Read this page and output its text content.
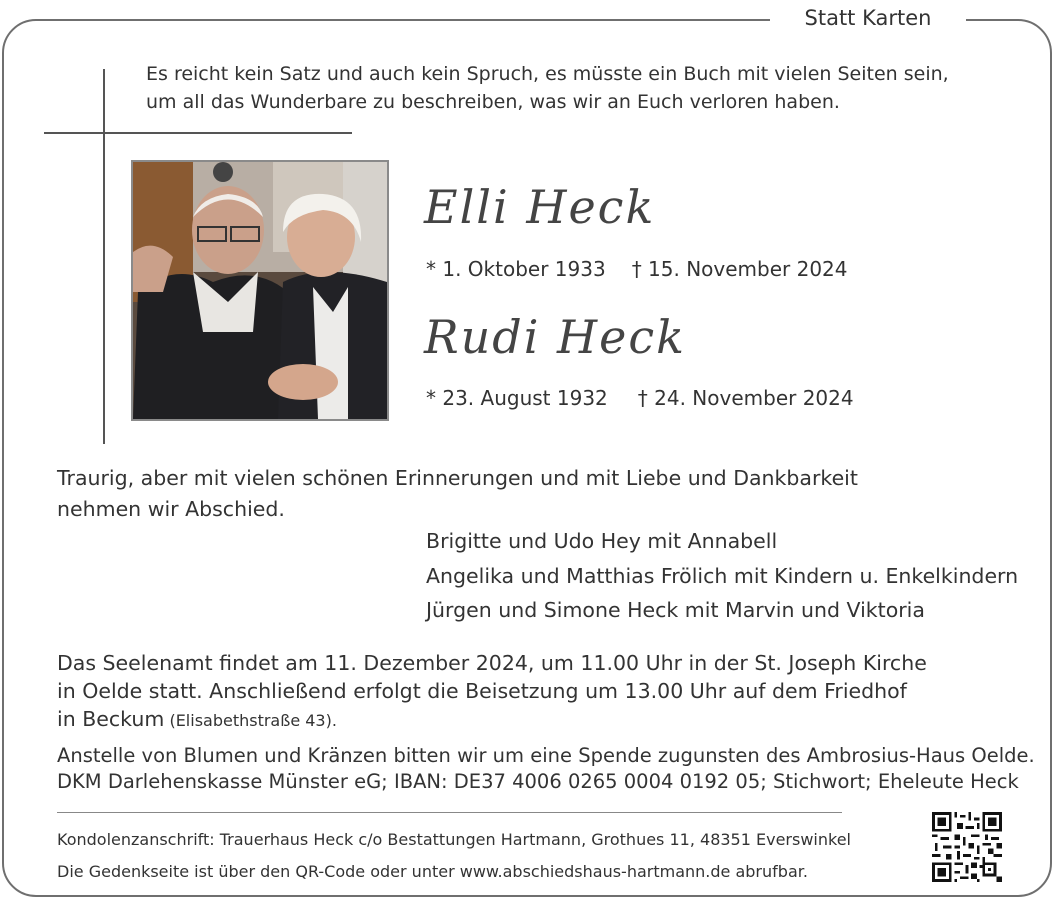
Statt Karten
Es reicht kein Satz und auch kein Spruch, es müsste ein Buch mit vielen Seiten sein,
um all das Wunderbare zu beschreiben, was wir an Euch verloren haben.
Elli Heck
* 1. Oktober 1933 † 15. November 2024
Rudi Heck
* 23. August 1932 † 24. November 2024
Traurig, aber mit vielen schönen Erinnerungen und mit Liebe und Dankbarkeit
nehmen wir Abschied.
Brigitte und Udo Hey mit Annabell
Angelika und Matthias Frölich mit Kindern u. Enkelkindern
Jürgen und Simone Heck mit Marvin und Viktoria
Das Seelenamt findet am 11. Dezember 2024, um 11.00 Uhr in der St. Joseph Kirche
in Oelde statt. Anschließend erfolgt die Beisetzung um 13.00 Uhr auf dem Friedhof
in Beckum (Elisabethstraße 43).
Anstelle von Blumen und Kränzen bitten wir um eine Spende zugunsten des Ambrosius-Haus Oelde.
DKM Darlehenskasse Münster eG; IBAN: DE37 4006 0265 0004 0192 05; Stichwort; Eheleute Heck
Kondolenzanschrift: Trauerhaus Heck c/o Bestattungen Hartmann, Grothues 11, 48351 Everswinkel
Die Gedenkseite ist über den QR-Code oder unter www.abschiedshaus-hartmann.de abrufbar.
